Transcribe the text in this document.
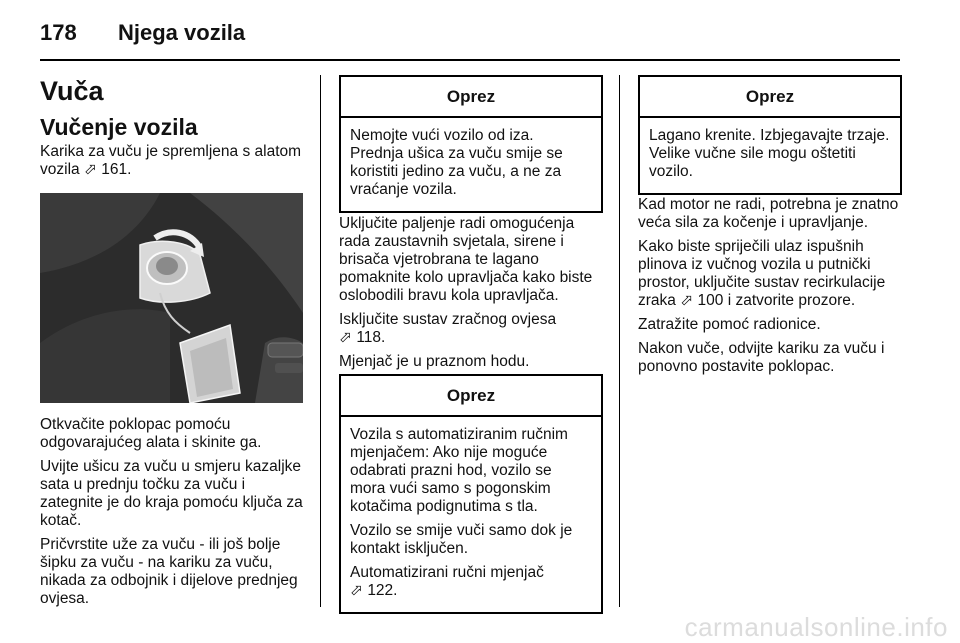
178 Njega vozila
Vuča
Vučenje vozila

Karika za vuču je spremljena s alatom vozila ⬀ 161.

Otkvačite poklopac pomoću odgovarajućeg alata i skinite ga.

Uvijte ušicu za vuču u smjeru kazaljke sata u prednju točku za vuču i zategnite je do kraja pomoću ključa za kotač.

Pričvrstite uže za vuču - ili još bolje šipku za vuču - na kariku za vuču, nikada za odbojnik i dijelove prednjeg ovjesa.

Oprez

Nemojte vući vozilo od iza. Prednja ušica za vuču smije se koristiti jedino za vuču, a ne za vraćanje vozila.

Uključite paljenje radi omogućenja rada zaustavnih svjetala, sirene i brisača vjetrobrana te lagano pomaknite kolo upravljača kako biste oslobodili bravu kola upravljača.

Isključite sustav zračnog ovjesa
⬀ 118.

Mjenjač je u praznom hodu.

Oprez

Vozila s automatiziranim ručnim mjenjačem: Ako nije moguće odabrati prazni hod, vozilo se mora vući samo s pogonskim kotačima podignutima s tla.

Vozilo se smije vuči samo dok je kontakt isključen.

Automatizirani ručni mjenjač
⬀ 122.

Oprez

Lagano krenite. Izbjegavajte trzaje. Velike vučne sile mogu oštetiti vozilo.

Kad motor ne radi, potrebna je znatno veća sila za kočenje i upravljanje.

Kako biste spriječili ulaz ispušnih plinova iz vučnog vozila u putnički prostor, uključite sustav recirkulacije zraka ⬀ 100 i zatvorite prozore.

Zatražite pomoć radionice.

Nakon vuče, odvijte kariku za vuču i ponovno postavite poklopac.

carmanualsonline.info
